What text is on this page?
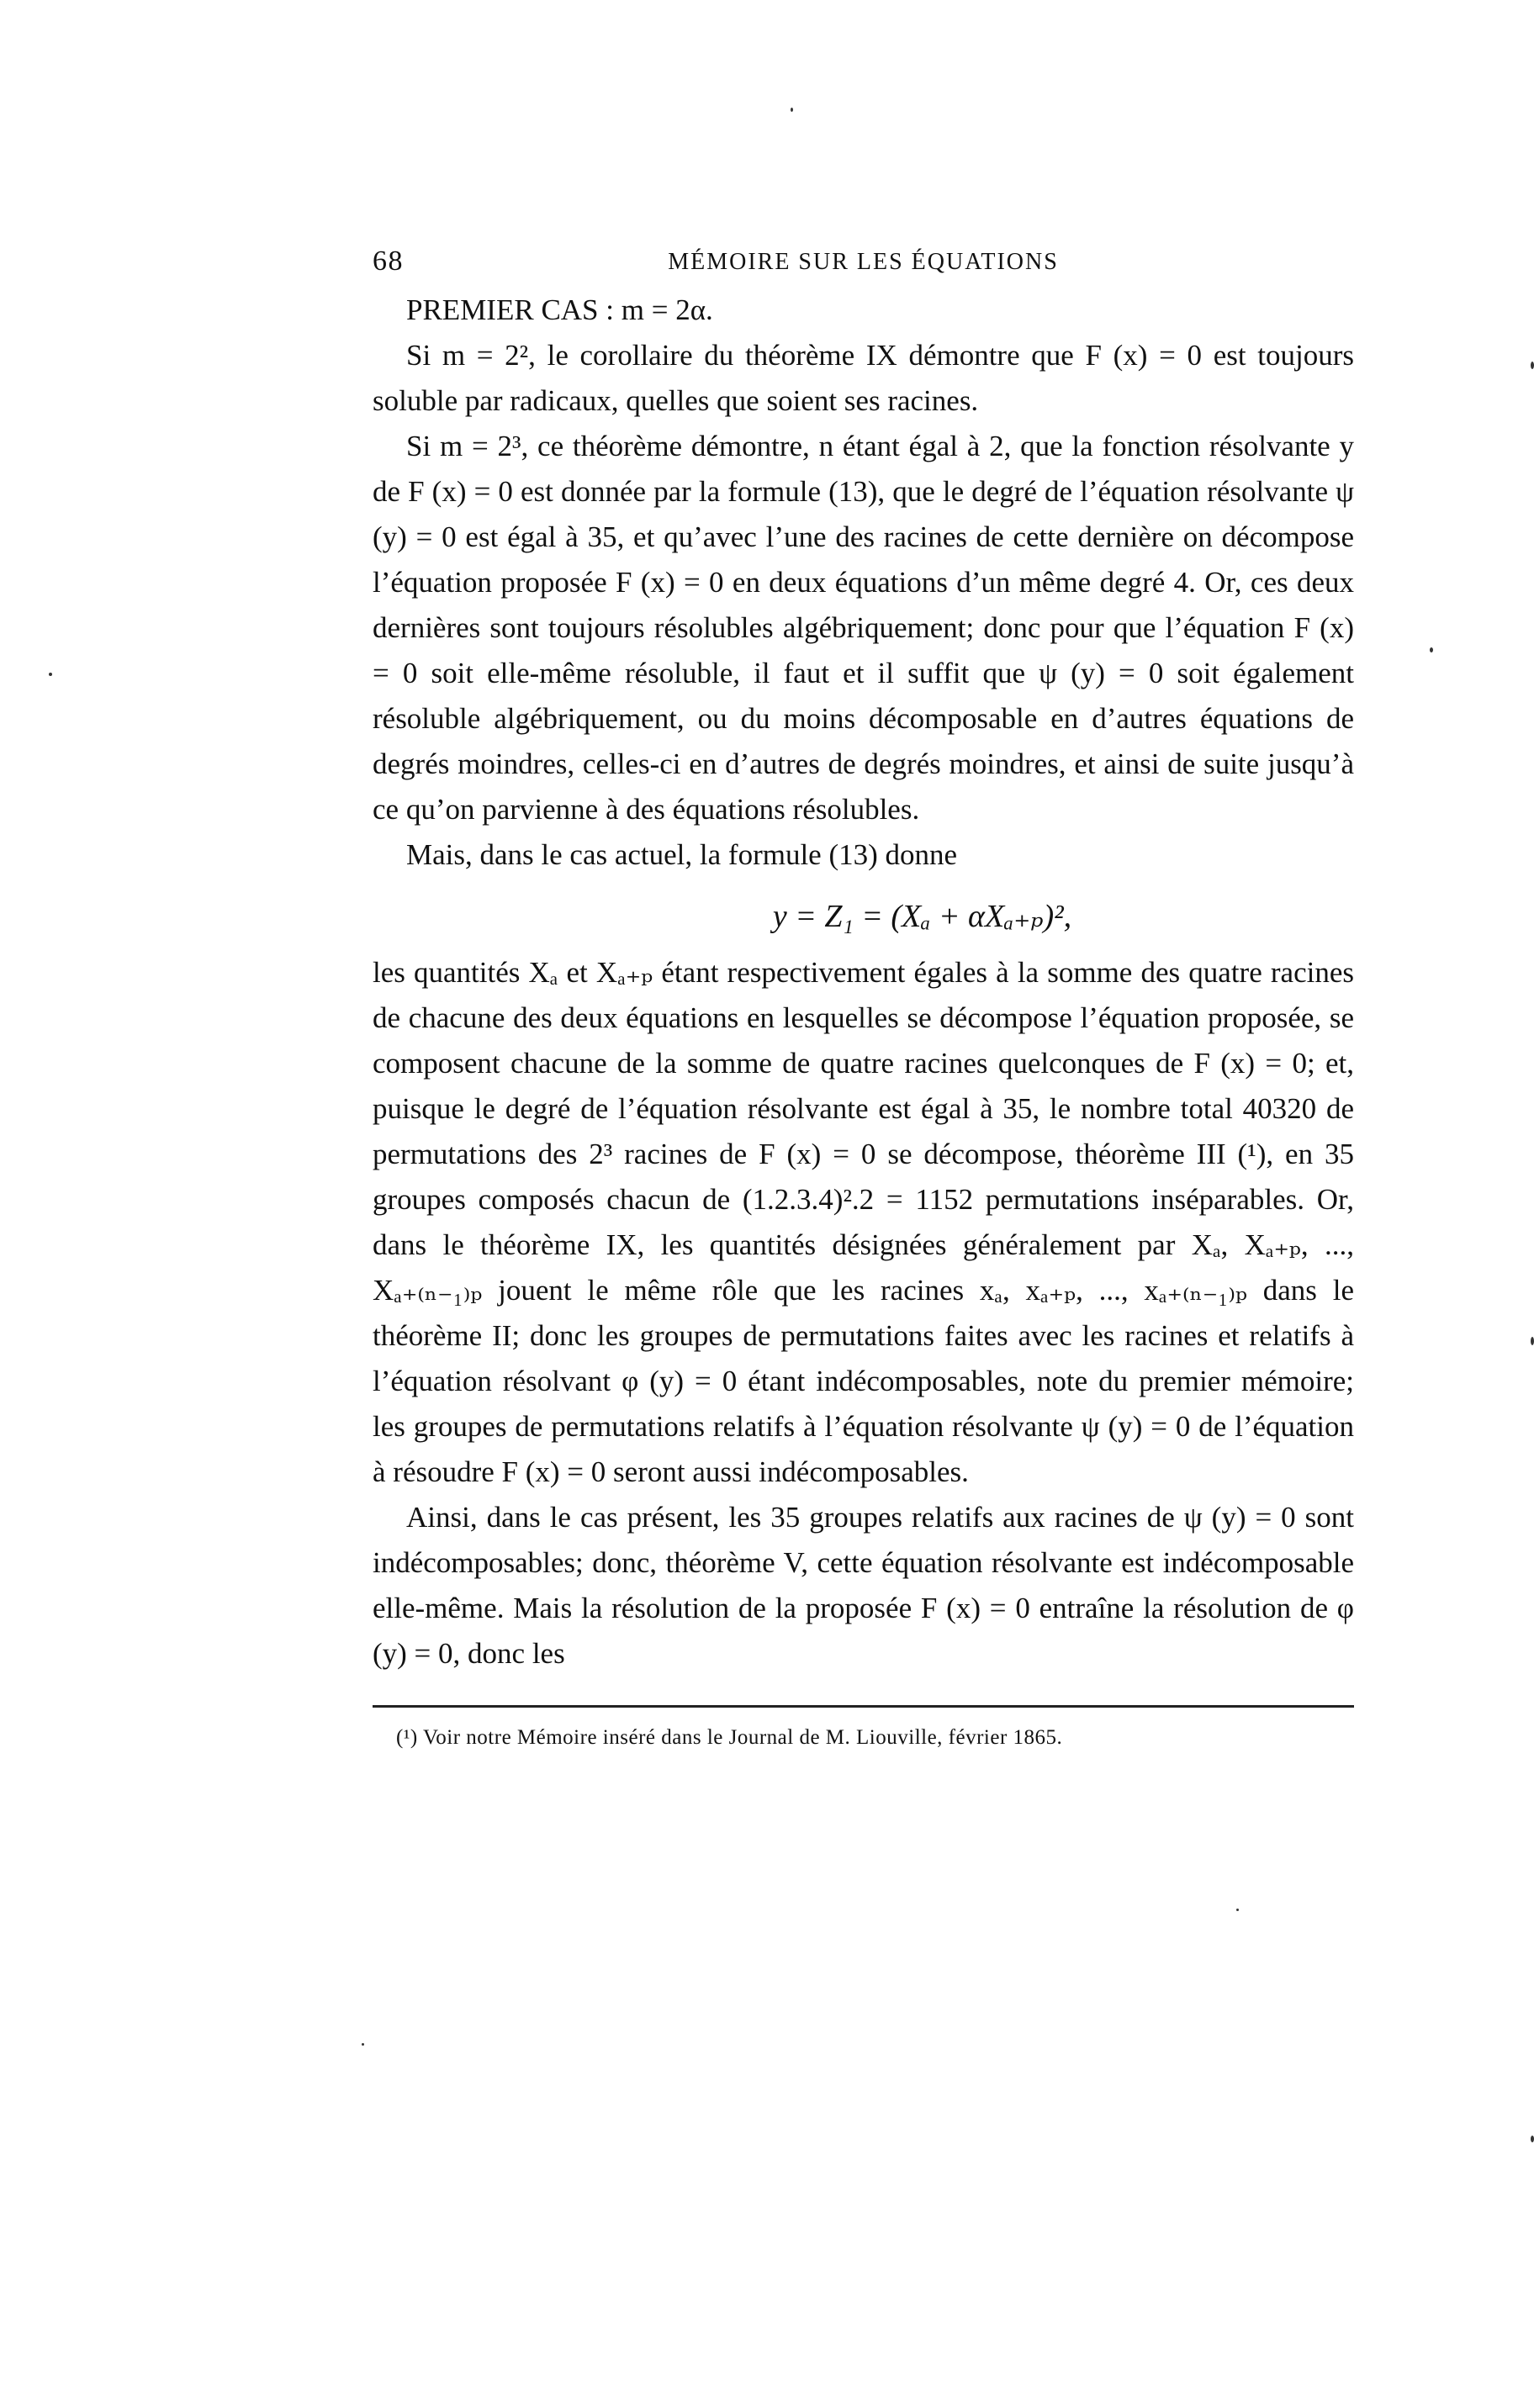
68	MÉMOIRE SUR LES ÉQUATIONS

PREMIER CAS : m = 2α.

Si m = 2², le corollaire du théorème IX démontre que F (x) = 0 est toujours soluble par radicaux, quelles que soient ses racines.

Si m = 2³, ce théorème démontre, n étant égal à 2, que la fonction résolvante y de F (x) = 0 est donnée par la formule (13), que le degré de l’équation résolvante ψ (y) = 0 est égal à 35, et qu’avec l’une des racines de cette dernière on décompose l’équation proposée F (x) = 0 en deux équations d’un même degré 4. Or, ces deux dernières sont toujours résolubles algébriquement; donc pour que l’équation F (x) = 0 soit elle-même résoluble, il faut et il suffit que ψ (y) = 0 soit également résoluble algébriquement, ou du moins décomposable en d’autres équations de degrés moindres, celles-ci en d’autres de degrés moindres, et ainsi de suite jusqu’à ce qu’on parvienne à des équations résolubles.

Mais, dans le cas actuel, la formule (13) donne

y = Z₁ = (Xₐ + αXₐ₊ₚ)²,

les quantités Xₐ et Xₐ₊ₚ étant respectivement égales à la somme des quatre racines de chacune des deux équations en lesquelles se décompose l’équation proposée, se composent chacune de la somme de quatre racines quelconques de F (x) = 0; et, puisque le degré de l’équation résolvante est égal à 35, le nombre total 40320 de permutations des 2³ racines de F (x) = 0 se décompose, théorème III (¹), en 35 groupes composés chacun de (1.2.3.4)².2 = 1152 permutations inséparables. Or, dans le théorème IX, les quantités désignées généralement par Xₐ, Xₐ₊ₚ, ..., Xₐ₊₍ₙ₋₁₎ₚ jouent le même rôle que les racines xₐ, xₐ₊ₚ, ..., xₐ₊₍ₙ₋₁₎ₚ dans le théorème II; donc les groupes de permutations faites avec les racines et relatifs à l’équation résolvant φ (y) = 0 étant indécomposables, note du premier mémoire; les groupes de permutations relatifs à l’équation résolvante ψ (y) = 0 de l’équation à résoudre F (x) = 0 seront aussi indécomposables.

Ainsi, dans le cas présent, les 35 groupes relatifs aux racines de ψ (y) = 0 sont indécomposables; donc, théorème V, cette équation résolvante est indécomposable elle-même. Mais la résolution de la proposée F (x) = 0 entraîne la résolution de φ (y) = 0, donc les

(¹) Voir notre Mémoire inséré dans le Journal de M. Liouville, février 1865.
